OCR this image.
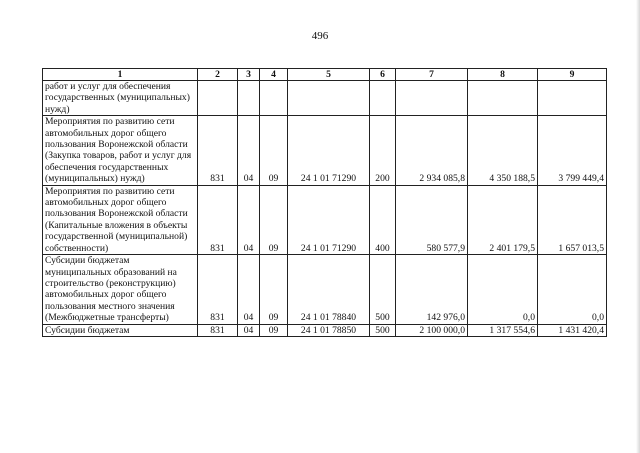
496
1	2	3	4	5	6	7	8	9
работ и услуг для обеспечения государственных (муниципальных) нужд)								
Мероприятия по развитию сети автомобильных дорог общего пользования Воронежской области (Закупка товаров, работ и услуг для обеспечения государственных (муниципальных) нужд)	831	04	09	24 1 01 71290	200	2 934 085,8	4 350 188,5	3 799 449,4
Мероприятия по развитию сети автомобильных дорог общего пользования Воронежской области (Капитальные вложения в объекты государственной (муниципальной) собственности)	831	04	09	24 1 01 71290	400	580 577,9	2 401 179,5	1 657 013,5
Субсидии бюджетам муниципальных образований на строительство (реконструкцию) автомобильных дорог общего пользования местного значения (Межбюджетные трансферты)	831	04	09	24 1 01 78840	500	142 976,0	0,0	0,0
Субсидии бюджетам	831	04	09	24 1 01 78850	500	2 100 000,0	1 317 554,6	1 431 420,4
